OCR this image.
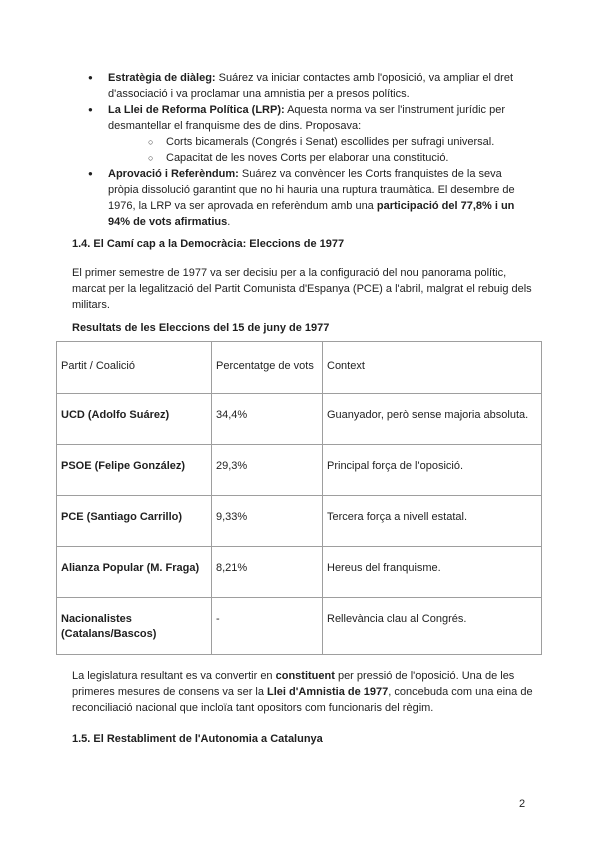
● Estratègia de diàleg: Suárez va iniciar contactes amb l'oposició, va ampliar el dret d'associació i va proclamar una amnistia per a presos polítics.
● La Llei de Reforma Política (LRP): Aquesta norma va ser l'instrument jurídic per desmantellar el franquisme des de dins. Proposava:
○ Corts bicamerals (Congrés i Senat) escollides per sufragi universal.
○ Capacitat de les noves Corts per elaborar una constitució.
● Aprovació i Referèndum: Suárez va convèncer les Corts franquistes de la seva pròpia dissolució garantint que no hi hauria una ruptura traumàtica. El desembre de 1976, la LRP va ser aprovada en referèndum amb una participació del 77,8% i un 94% de vots afirmatius.
1.4. El Camí cap a la Democràcia: Eleccions de 1977

El primer semestre de 1977 va ser decisiu per a la configuració del nou panorama polític, marcat per la legalització del Partit Comunista d'Espanya (PCE) a l'abril, malgrat el rebuig dels militars.

Resultats de les Eleccions del 15 de juny de 1977
Partit / Coalició	Percentatge de vots	Context
UCD (Adolfo Suárez)	34,4%	Guanyador, però sense majoria absoluta.
PSOE (Felipe González)	29,3%	Principal força de l'oposició.
PCE (Santiago Carrillo)	9,33%	Tercera força a nivell estatal.
Alianza Popular (M. Fraga)	8,21%	Hereus del franquisme.
Nacionalistes (Catalans/Bascos)	-	Rellevància clau al Congrés.

La legislatura resultant es va convertir en constituent per pressió de l'oposició. Una de les primeres mesures de consens va ser la Llei d'Amnistia de 1977, concebuda com una eina de reconciliació nacional que incloïa tant opositors com funcionaris del règim.

1.5. El Restabliment de l'Autonomia a Catalunya
2
